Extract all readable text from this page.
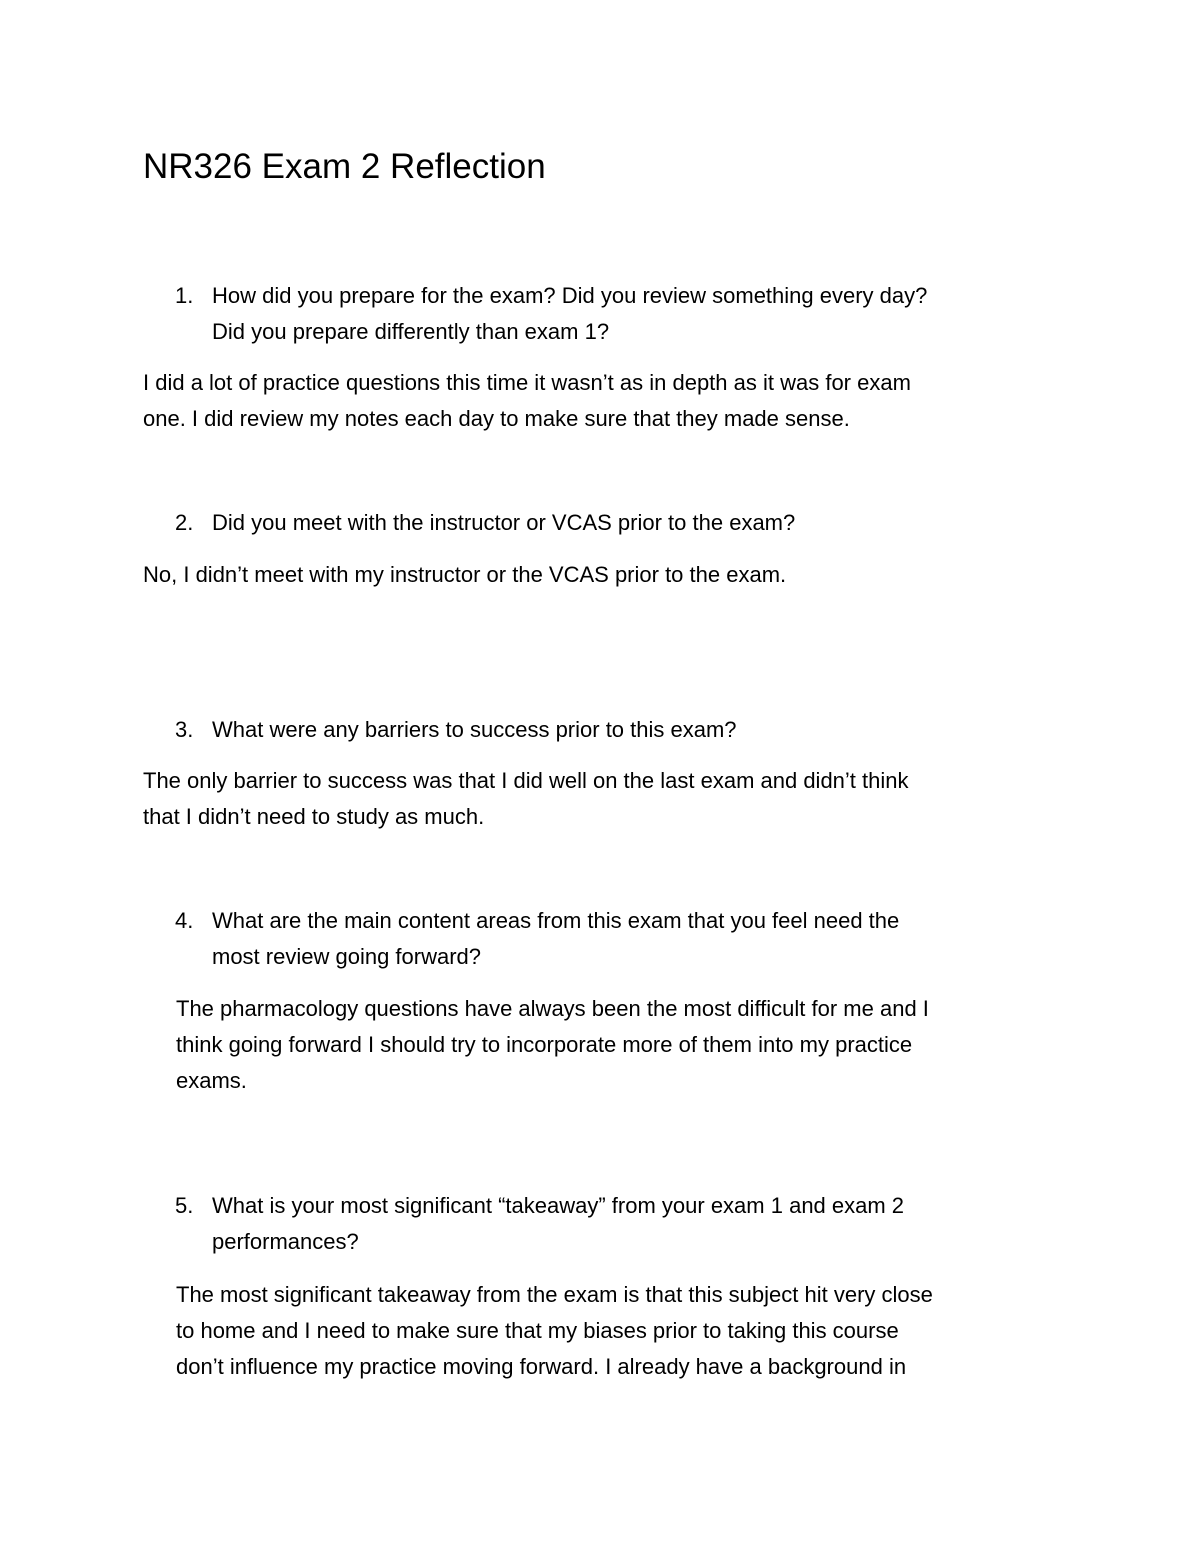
NR326 Exam 2 Reflection
1. How did you prepare for the exam? Did you review something every day?
Did you prepare differently than exam 1?
I did a lot of practice questions this time it wasn’t as in depth as it was for exam
one. I did review my notes each day to make sure that they made sense.
2. Did you meet with the instructor or VCAS prior to the exam?
No, I didn’t meet with my instructor or the VCAS prior to the exam.
3. What were any barriers to success prior to this exam?
The only barrier to success was that I did well on the last exam and didn’t think
that I didn’t need to study as much.
4. What are the main content areas from this exam that you feel need the
most review going forward?
The pharmacology questions have always been the most difficult for me and I
think going forward I should try to incorporate more of them into my practice
exams.
5. What is your most significant “takeaway” from your exam 1 and exam 2
performances?
The most significant takeaway from the exam is that this subject hit very close
to home and I need to make sure that my biases prior to taking this course
don’t influence my practice moving forward. I already have a background in
